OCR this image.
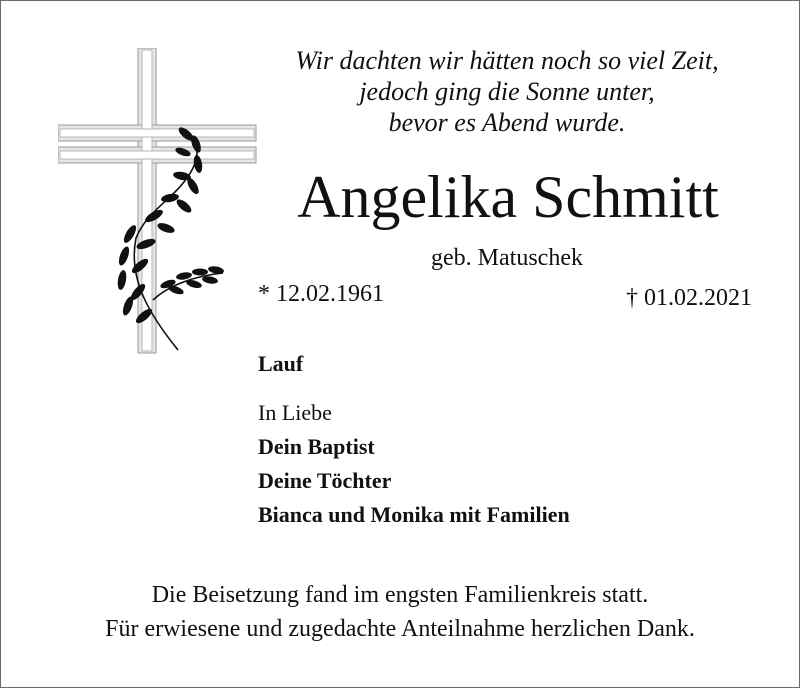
Wir dachten wir hätten noch so viel Zeit,
jedoch ging die Sonne unter,
bevor es Abend wurde.
Angelika Schmitt
geb. Matuschek
* 12.02.1961	† 01.02.2021
Lauf
In Liebe
Dein Baptist
Deine Töchter
Bianca und Monika mit Familien
Die Beisetzung fand im engsten Familienkreis statt.
Für erwiesene und zugedachte Anteilnahme herzlichen Dank.
